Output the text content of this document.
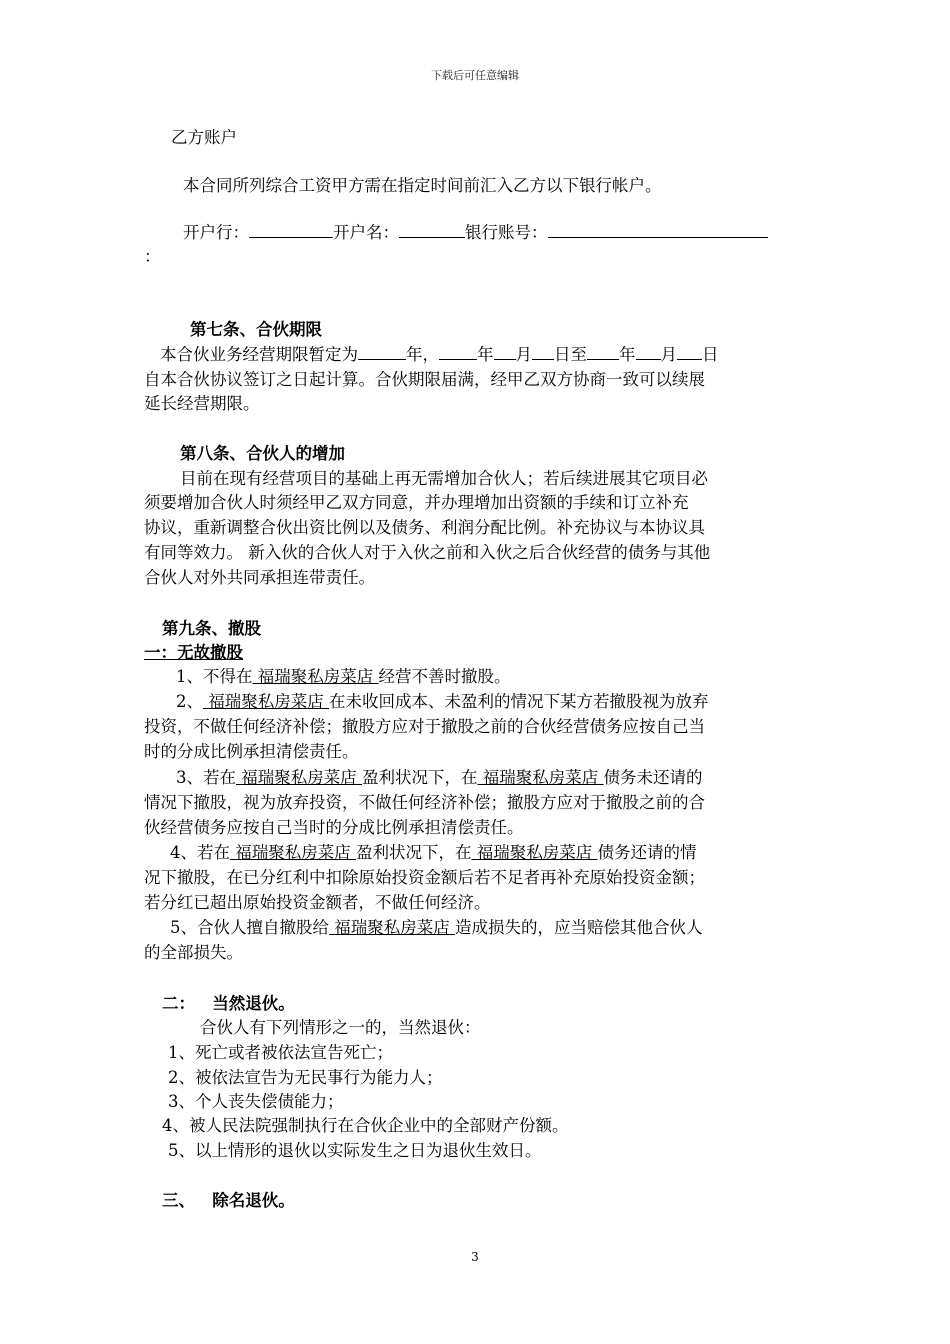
下载后可任意编辑
乙方账户
本合同所列综合工资甲方需在指定时间前汇入乙方以下银行帐户。
开户行：	开户名：	银行账号：
：
第七条、合伙期限
本合伙业务经营期限暂定为	年， 年 月 日至 年 月 日
自本合伙协议签订之日起计算。合伙期限届满，经甲乙双方协商一致可以续展
延长经营期限。
第八条、合伙人的增加
目前在现有经营项目的基础上再无需增加合伙人；若后续进展其它项目必
须要增加合伙人时须经甲乙双方同意，并办理增加出资额的手续和订立补充
协议，重新调整合伙出资比例以及债务、利润分配比例。补充协议与本协议具
有同等效力。 新入伙的合伙人对于入伙之前和入伙之后合伙经营的债务与其他
合伙人对外共同承担连带责任。
第九条、撤股
一：无故撤股
1、不得在 福瑞聚私房菜店 经营不善时撤股。
2、 福瑞聚私房菜店 在未收回成本、未盈利的情况下某方若撤股视为放弃
投资，不做任何经济补偿；撤股方应对于撤股之前的合伙经营债务应按自己当
时的分成比例承担清偿责任。
3、若在 福瑞聚私房菜店 盈利状况下，在 福瑞聚私房菜店 债务未还请的
情况下撤股，视为放弃投资，不做任何经济补偿；撤股方应对于撤股之前的合
伙经营债务应按自己当时的分成比例承担清偿责任。
4、若在 福瑞聚私房菜店 盈利状况下，在 福瑞聚私房菜店 债务还请的情
况下撤股，在已分红利中扣除原始投资金额后若不足者再补充原始投资金额；
若分红已超出原始投资金额者，不做任何经济。
5、合伙人擅自撤股给 福瑞聚私房菜店 造成损失的，应当赔偿其他合伙人
的全部损失。
二： 当然退伙。
合伙人有下列情形之一的，当然退伙：
1、死亡或者被依法宣告死亡；
2、被依法宣告为无民事行为能力人；
3、个人丧失偿债能力；
4、被人民法院强制执行在合伙企业中的全部财产份额。
5、以上情形的退伙以实际发生之日为退伙生效日。
三、 除名退伙。
3
